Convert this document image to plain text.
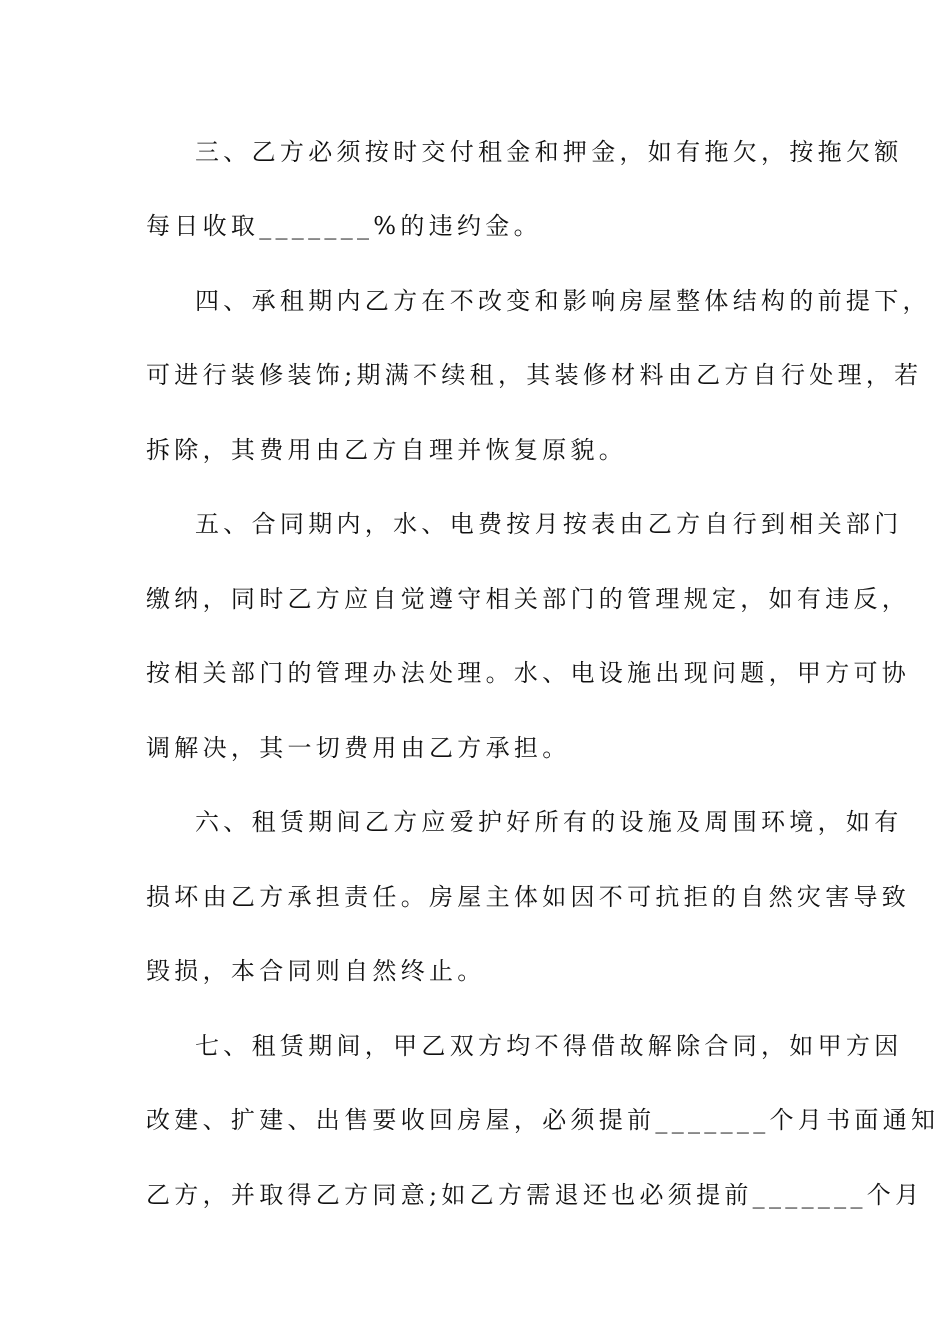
三、乙方必须按时交付租金和押金，如有拖欠，按拖欠额
每日收取_______%的违约金。
四、承租期内乙方在不改变和影响房屋整体结构的前提下，
可进行装修装饰;期满不续租，其装修材料由乙方自行处理，若
拆除，其费用由乙方自理并恢复原貌。
五、合同期内，水、电费按月按表由乙方自行到相关部门
缴纳，同时乙方应自觉遵守相关部门的管理规定，如有违反，
按相关部门的管理办法处理。水、电设施出现问题，甲方可协
调解决，其一切费用由乙方承担。
六、租赁期间乙方应爱护好所有的设施及周围环境，如有
损坏由乙方承担责任。房屋主体如因不可抗拒的自然灾害导致
毁损，本合同则自然终止。
七、租赁期间，甲乙双方均不得借故解除合同，如甲方因
改建、扩建、出售要收回房屋，必须提前_______个月书面通知
乙方，并取得乙方同意;如乙方需退还也必须提前_______个月
